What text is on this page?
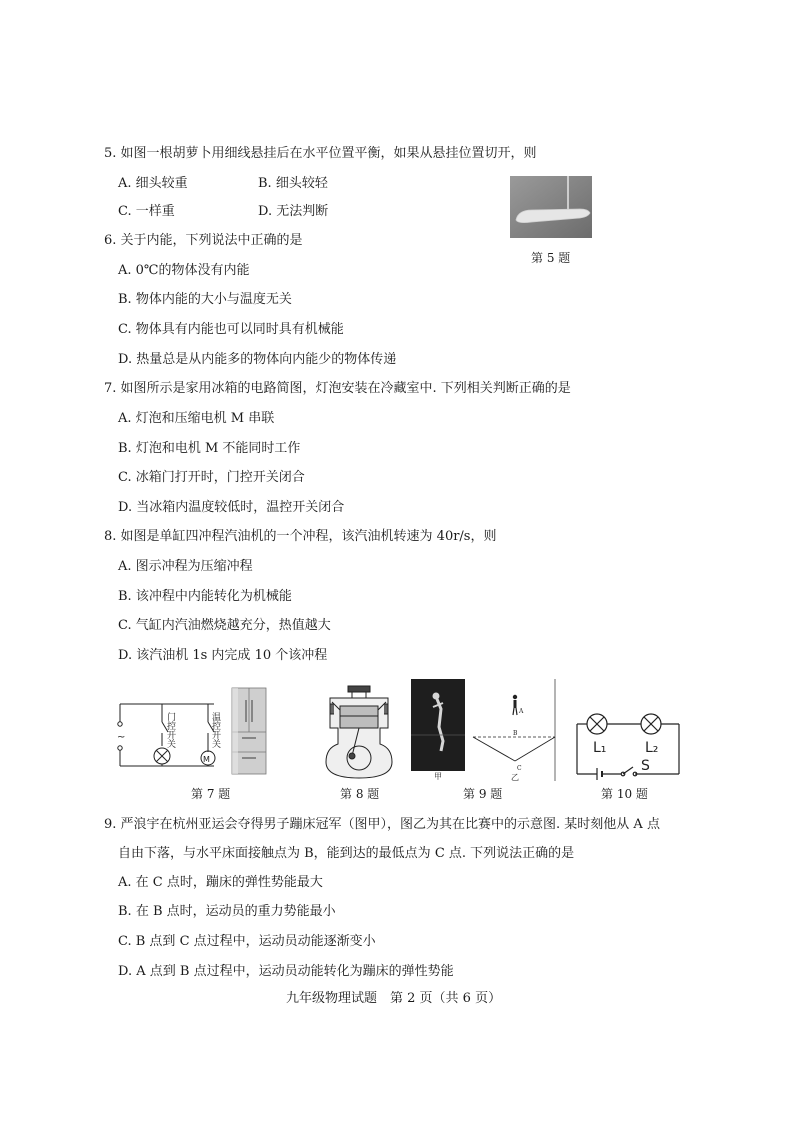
5. 如图一根胡萝卜用细线悬挂后在水平位置平衡，如果从悬挂位置切开，则
A. 细头较重	B. 细头较轻
C. 一样重	D. 无法判断
第 5 题
6. 关于内能，下列说法中正确的是
A. 0℃的物体没有内能
B. 物体内能的大小与温度无关
C. 物体具有内能也可以同时具有机械能
D. 热量总是从内能多的物体向内能少的物体传递
7. 如图所示是家用冰箱的电路简图，灯泡安装在冷藏室中. 下列相关判断正确的是
A. 灯泡和压缩电机 M 串联
B. 灯泡和电机 M 不能同时工作
C. 冰箱门打开时，门控开关闭合
D. 当冰箱内温度较低时，温控开关闭合
8. 如图是单缸四冲程汽油机的一个冲程，该汽油机转速为 40r/s，则
A. 图示冲程为压缩冲程
B. 该冲程中内能转化为机械能
C. 气缸内汽油燃烧越充分，热值越大
D. 该汽油机 1s 内完成 10 个该冲程
~
M
门控开关	温控开关
第 7 题	第 8 题
甲
A
B
C
乙
第 9 题
L₁	L₂
S
第 10 题
9. 严浪宇在杭州亚运会夺得男子蹦床冠军（图甲），图乙为其在比赛中的示意图. 某时刻他从 A 点
自由下落，与水平床面接触点为 B，能到达的最低点为 C 点. 下列说法正确的是
A. 在 C 点时，蹦床的弹性势能最大
B. 在 B 点时，运动员的重力势能最小
C. B 点到 C 点过程中，运动员动能逐渐变小
D. A 点到 B 点过程中，运动员动能转化为蹦床的弹性势能
九年级物理试题　第 2 页（共 6 页）
